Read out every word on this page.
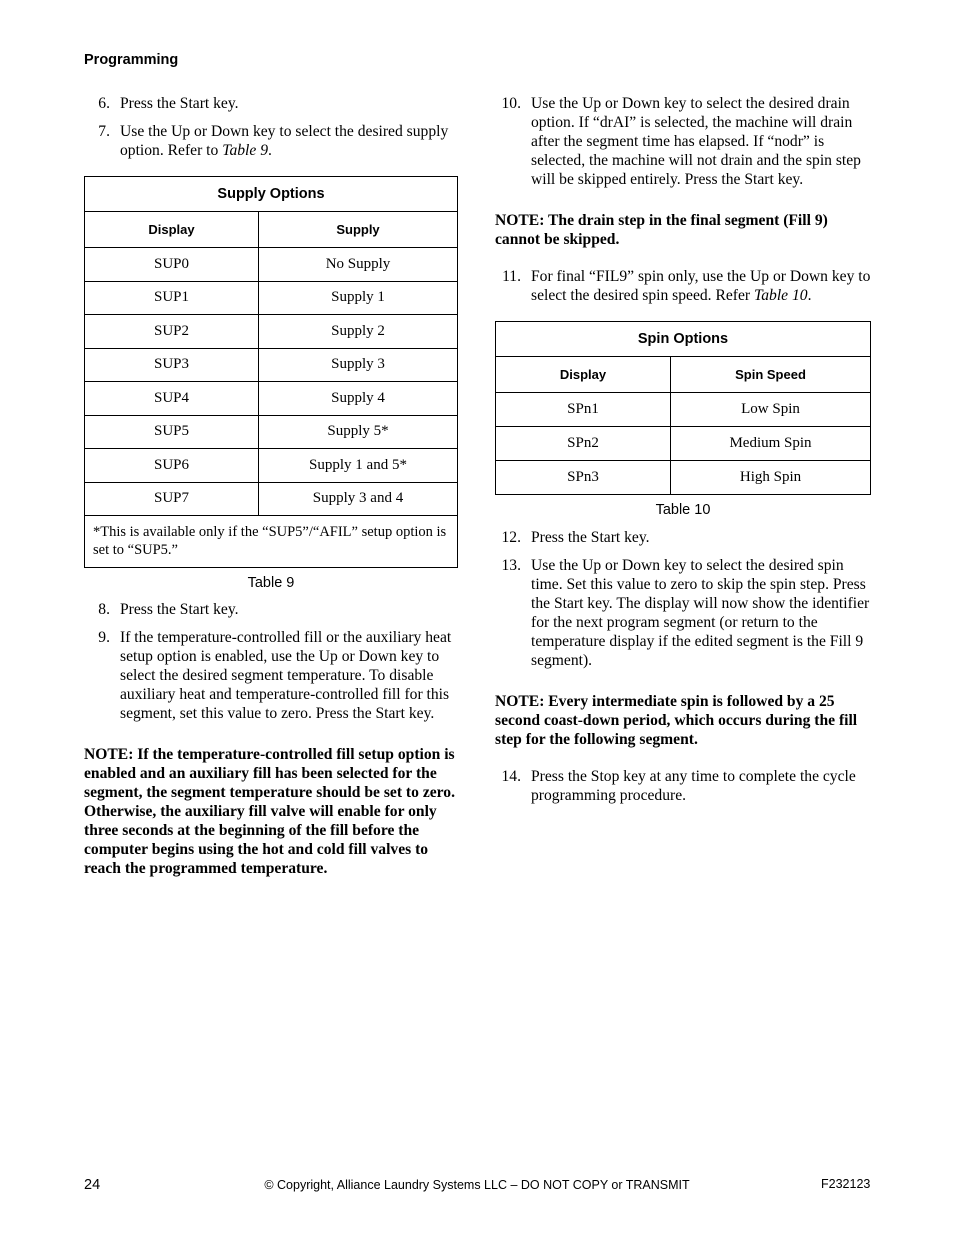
Programming
6. Press the Start key.
7. Use the Up or Down key to select the desired supply option. Refer to Table 9.
Supply Options	
Display	Supply
SUP0	No Supply
SUP1	Supply 1
SUP2	Supply 2
SUP3	Supply 3
SUP4	Supply 4
SUP5	Supply 5*
SUP6	Supply 1 and 5*
SUP7	Supply 3 and 4
*This is available only if the “SUP5”/“AFIL” setup option is set to “SUP5.”	
Table 9
8. Press the Start key.
9. If the temperature-controlled fill or the auxiliary heat setup option is enabled, use the Up or Down key to select the desired segment temperature. To disable auxiliary heat and temperature-controlled fill for this segment, set this value to zero. Press the Start key.
NOTE: If the temperature-controlled fill setup option is enabled and an auxiliary fill has been selected for the segment, the segment temperature should be set to zero. Otherwise, the auxiliary fill valve will enable for only three seconds at the beginning of the fill before the computer begins using the hot and cold fill valves to reach the programmed temperature.
10. Use the Up or Down key to select the desired drain option. If “drAI” is selected, the machine will drain after the segment time has elapsed. If “nodr” is selected, the machine will not drain and the spin step will be skipped entirely. Press the Start key.
NOTE: The drain step in the final segment (Fill 9) cannot be skipped.
11. For final “FIL9” spin only, use the Up or Down key to select the desired spin speed. Refer Table 10.
Spin Options	
Display	Spin Speed
SPn1	Low Spin
SPn2	Medium Spin
SPn3	High Spin
Table 10
12. Press the Start key.
13. Use the Up or Down key to select the desired spin time. Set this value to zero to skip the spin step. Press the Start key. The display will now show the identifier for the next program segment (or return to the temperature display if the edited segment is the Fill 9 segment).
NOTE: Every intermediate spin is followed by a 25 second coast-down period, which occurs during the fill step for the following segment.
14. Press the Stop key at any time to complete the cycle programming procedure.
24	© Copyright, Alliance Laundry Systems LLC – DO NOT COPY or TRANSMIT	F232123
